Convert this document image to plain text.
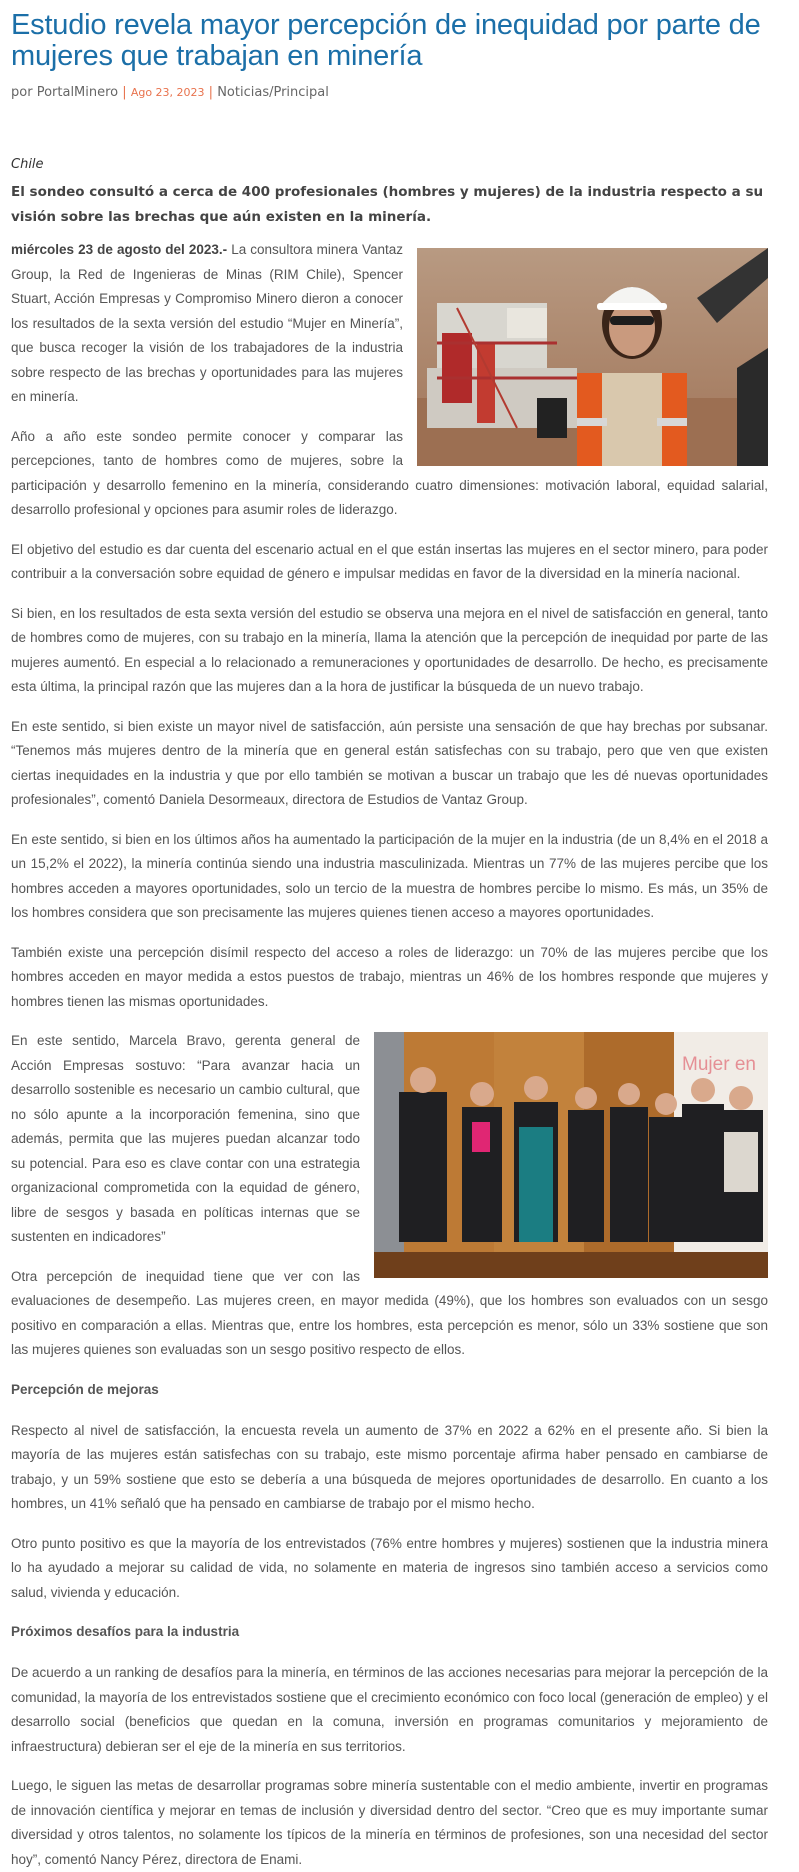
Estudio revela mayor percepción de inequidad por parte de mujeres que trabajan en minería
por PortalMinero | Ago 23, 2023 | Noticias/Principal
Chile
El sondeo consultó a cerca de 400 profesionales (hombres y mujeres) de la industria respecto a su visión sobre las brechas que aún existen en la minería.

miércoles 23 de agosto del 2023.- La consultora minera Vantaz Group, la Red de Ingenieras de Minas (RIM Chile), Spencer Stuart, Acción Empresas y Compromiso Minero dieron a conocer los resultados de la sexta versión del estudio “Mujer en Minería”, que busca recoger la visión de los trabajadores de la industria sobre respecto de las brechas y oportunidades para las mujeres en minería.

Año a año este sondeo permite conocer y comparar las percepciones, tanto de hombres como de mujeres, sobre la participación y desarrollo femenino en la minería, considerando cuatro dimensiones: motivación laboral, equidad salarial, desarrollo profesional y opciones para asumir roles de liderazgo.

El objetivo del estudio es dar cuenta del escenario actual en el que están insertas las mujeres en el sector minero, para poder contribuir a la conversación sobre equidad de género e impulsar medidas en favor de la diversidad en la minería nacional.

Si bien, en los resultados de esta sexta versión del estudio se observa una mejora en el nivel de satisfacción en general, tanto de hombres como de mujeres, con su trabajo en la minería, llama la atención que la percepción de inequidad por parte de las mujeres aumentó. En especial a lo relacionado a remuneraciones y oportunidades de desarrollo. De hecho, es precisamente esta última, la principal razón que las mujeres dan a la hora de justificar la búsqueda de un nuevo trabajo.

En este sentido, si bien existe un mayor nivel de satisfacción, aún persiste una sensación de que hay brechas por subsanar. “Tenemos más mujeres dentro de la minería que en general están satisfechas con su trabajo, pero que ven que existen ciertas inequidades en la industria y que por ello también se motivan a buscar un trabajo que les dé nuevas oportunidades profesionales”, comentó Daniela Desormeaux, directora de Estudios de Vantaz Group.

En este sentido, si bien en los últimos años ha aumentado la participación de la mujer en la industria (de un 8,4% en el 2018 a un 15,2% el 2022), la minería continúa siendo una industria masculinizada. Mientras un 77% de las mujeres percibe que los hombres acceden a mayores oportunidades, solo un tercio de la muestra de hombres percibe lo mismo. Es más, un 35% de los hombres considera que son precisamente las mujeres quienes tienen acceso a mayores oportunidades.

También existe una percepción disímil respecto del acceso a roles de liderazgo: un 70% de las mujeres percibe que los hombres acceden en mayor medida a estos puestos de trabajo, mientras un 46% de los hombres responde que mujeres y hombres tienen las mismas oportunidades.

Mujer en

En este sentido, Marcela Bravo, gerenta general de Acción Empresas sostuvo: “Para avanzar hacia un desarrollo sostenible es necesario un cambio cultural, que no sólo apunte a la incorporación femenina, sino que además, permita que las mujeres puedan alcanzar todo su potencial. Para eso es clave contar con una estrategia organizacional comprometida con la equidad de género, libre de sesgos y basada en políticas internas que se sustenten en indicadores”

Otra percepción de inequidad tiene que ver con las evaluaciones de desempeño. Las mujeres creen, en mayor medida (49%), que los hombres son evaluados con un sesgo positivo en comparación a ellas. Mientras que, entre los hombres, esta percepción es menor, sólo un 33% sostiene que son las mujeres quienes son evaluadas son un sesgo positivo respecto de ellos.

Percepción de mejoras

Respecto al nivel de satisfacción, la encuesta revela un aumento de 37% en 2022 a 62% en el presente año. Si bien la mayoría de las mujeres están satisfechas con su trabajo, este mismo porcentaje afirma haber pensado en cambiarse de trabajo, y un 59% sostiene que esto se debería a una búsqueda de mejores oportunidades de desarrollo. En cuanto a los hombres, un 41% señaló que ha pensado en cambiarse de trabajo por el mismo hecho.

Otro punto positivo es que la mayoría de los entrevistados (76% entre hombres y mujeres) sostienen que la industria minera lo ha ayudado a mejorar su calidad de vida, no solamente en materia de ingresos sino también acceso a servicios como salud, vivienda y educación.

Próximos desafíos para la industria

De acuerdo a un ranking de desafíos para la minería, en términos de las acciones necesarias para mejorar la percepción de la comunidad, la mayoría de los entrevistados sostiene que el crecimiento económico con foco local (generación de empleo) y el desarrollo social (beneficios que quedan en la comuna, inversión en programas comunitarios y mejoramiento de infraestructura) debieran ser el eje de la minería en sus territorios.

Luego, le siguen las metas de desarrollar programas sobre minería sustentable con el medio ambiente, invertir en programas de innovación científica y mejorar en temas de inclusión y diversidad dentro del sector. “Creo que es muy importante sumar diversidad y otros talentos, no solamente los típicos de la minería en términos de profesiones, son una necesidad del sector hoy”, comentó Nancy Pérez, directora de Enami.
